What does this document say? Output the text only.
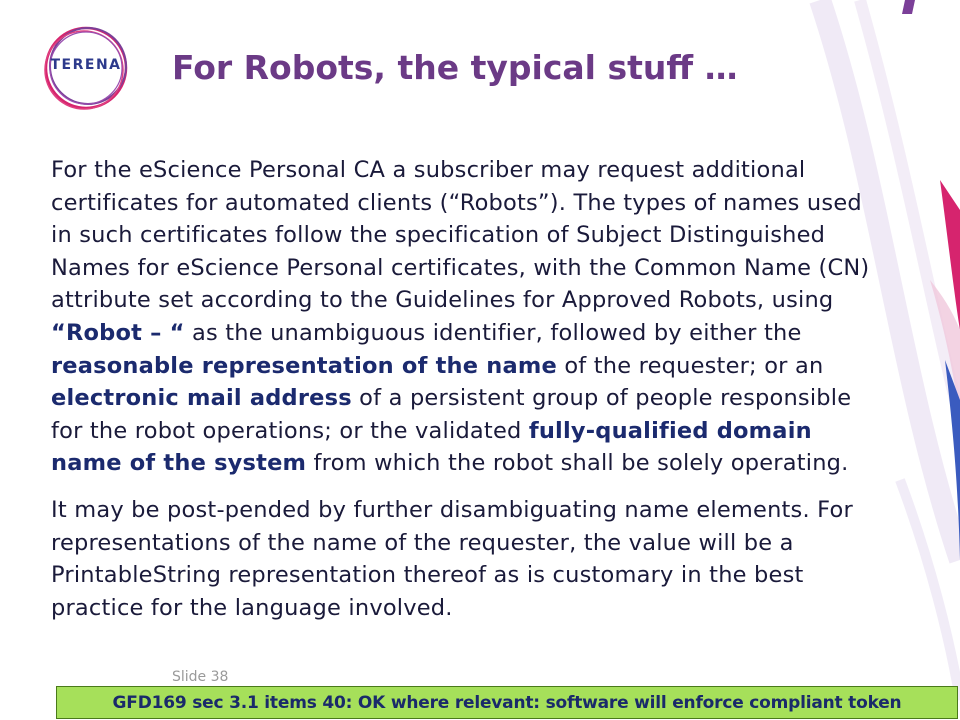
TERENA	For Robots, the typical stuff …

For the eScience Personal CA a subscriber may request additional certificates for automated clients (“Robots”). The types of names used in such certificates follow the specification of Subject Distinguished Names for eScience Personal certificates, with the Common Name (CN) attribute set according to the Guidelines for Approved Robots, using “Robot – “ as the unambiguous identifier, followed by either the reasonable representation of the name of the requester; or an electronic mail address of a persistent group of people responsible for the robot operations; or the validated fully-qualified domain name of the system from which the robot shall be solely operating.

It may be post-pended by further disambiguating name elements. For representations of the name of the requester, the value will be a PrintableString representation thereof as is customary in the best practice for the language involved.

Slide 38
GFD169 sec 3.1 items 40: OK where relevant: software will enforce compliant token
